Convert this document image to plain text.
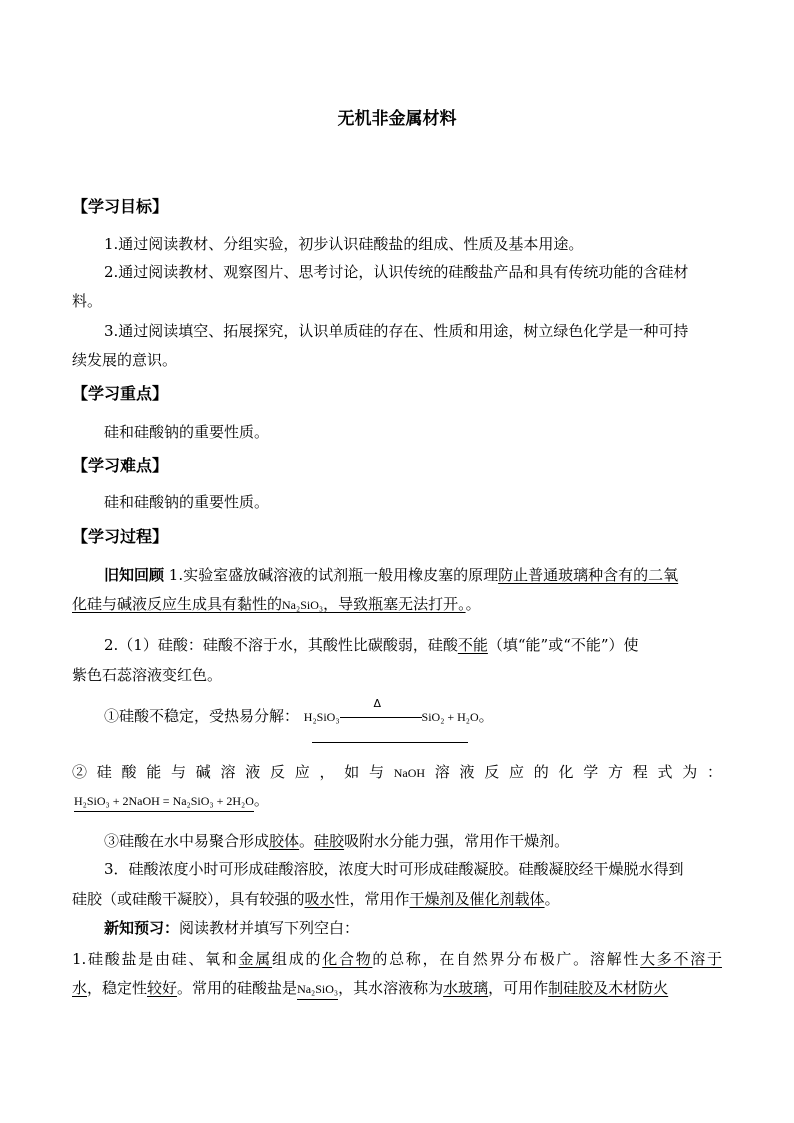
无机非金属材料
【学习目标】
1.通过阅读教材、分组实验，初步认识硅酸盐的组成、性质及基本用途。
2.通过阅读教材、观察图片、思考讨论，认识传统的硅酸盐产品和具有传统功能的含硅材
料。
3.通过阅读填空、拓展探究，认识单质硅的存在、性质和用途，树立绿色化学是一种可持
续发展的意识。
【学习重点】
硅和硅酸钠的重要性质。
【学习难点】
硅和硅酸钠的重要性质。
【学习过程】
旧知回顾 1.实验室盛放碱溶液的试剂瓶一般用橡皮塞的原理防止普通玻璃种含有的二氧
化硅与碱液反应生成具有黏性的Na₂SiO₃，导致瓶塞无法打开。。
2.（1）硅酸：硅酸不溶于水，其酸性比碳酸弱，硅酸不能（填“能”或“不能”）使
紫色石蕊溶液变红色。
①硅酸不稳定，受热易分解： H₂SiO₃
Δ
SiO₂ + H₂O。
②硅酸能与碱溶液反应，如与NaOH溶液反应的化学方程式为：
H₂SiO₃ + 2NaOH = Na₂SiO₃ + 2H₂O。
③硅酸在水中易聚合形成胶体。硅胶吸附水分能力强，常用作干燥剂。
3．硅酸浓度小时可形成硅酸溶胶，浓度大时可形成硅酸凝胶。硅酸凝胶经干燥脱水得到
硅胶（或硅酸干凝胶），具有较强的吸水性，常用作干燥剂及催化剂载体。
新知预习：阅读教材并填写下列空白：
1.硅酸盐是由硅、氧和金属组成的化合物的总称，在自然界分布极广。溶解性大多不溶于
水，稳定性较好。常用的硅酸盐是Na₂SiO₃，其水溶液称为水玻璃，可用作制硅胶及木材防火
